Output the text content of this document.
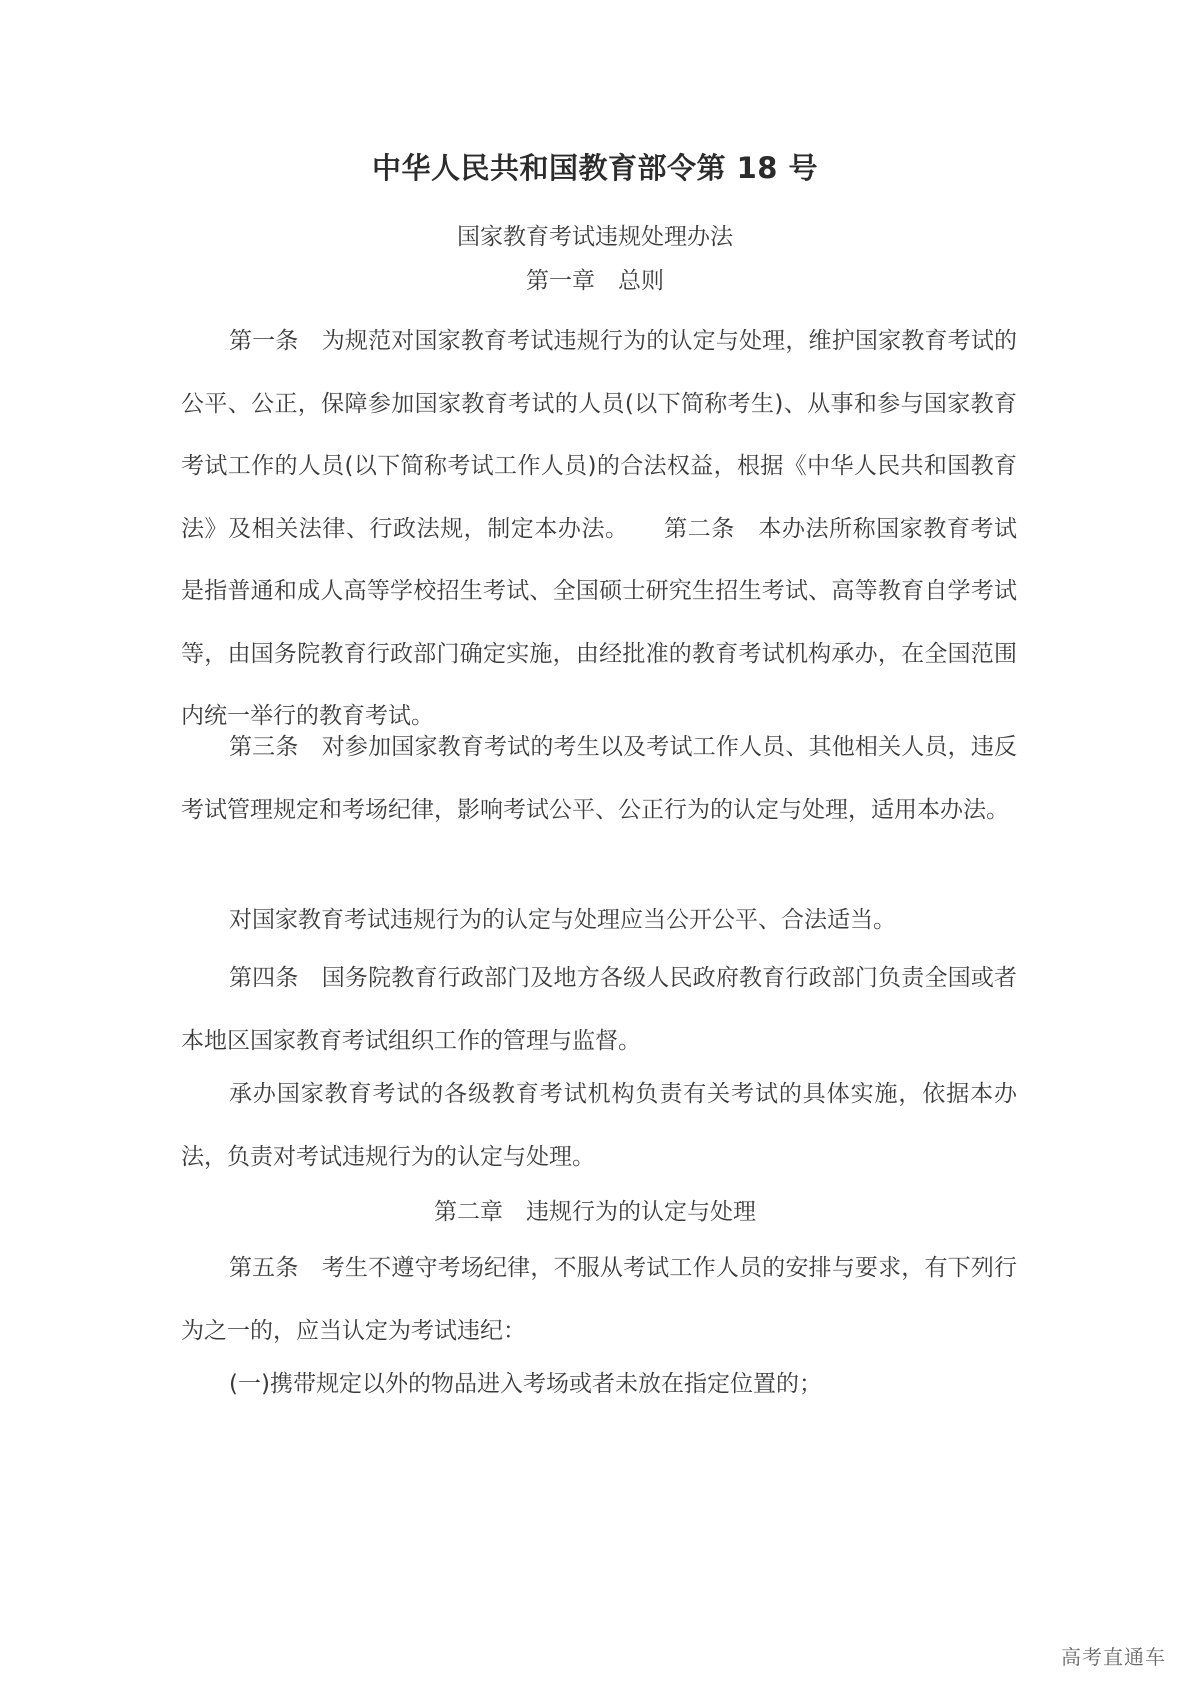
中华人民共和国教育部令第 18 号
国家教育考试违规处理办法
第一章　总则

第一条　为规范对国家教育考试违规行为的认定与处理，维护国家教育考试的公平、公正，保障参加国家教育考试的人员(以下简称考生)、从事和参与国家教育考试工作的人员(以下简称考试工作人员)的合法权益，根据《中华人民共和国教育法》及相关法律、行政法规，制定本办法。　　第二条　本办法所称国家教育考试是指普通和成人高等学校招生考试、全国硕士研究生招生考试、高等教育自学考试等，由国务院教育行政部门确定实施，由经批准的教育考试机构承办，在全国范围内统一举行的教育考试。

第三条　对参加国家教育考试的考生以及考试工作人员、其他相关人员，违反考试管理规定和考场纪律，影响考试公平、公正行为的认定与处理，适用本办法。

对国家教育考试违规行为的认定与处理应当公开公平、合法适当。

第四条　国务院教育行政部门及地方各级人民政府教育行政部门负责全国或者本地区国家教育考试组织工作的管理与监督。

承办国家教育考试的各级教育考试机构负责有关考试的具体实施，依据本办法，负责对考试违规行为的认定与处理。

第二章　违规行为的认定与处理

第五条　考生不遵守考场纪律，不服从考试工作人员的安排与要求，有下列行为之一的，应当认定为考试违纪：

(一)携带规定以外的物品进入考场或者未放在指定位置的；

高考直通车
